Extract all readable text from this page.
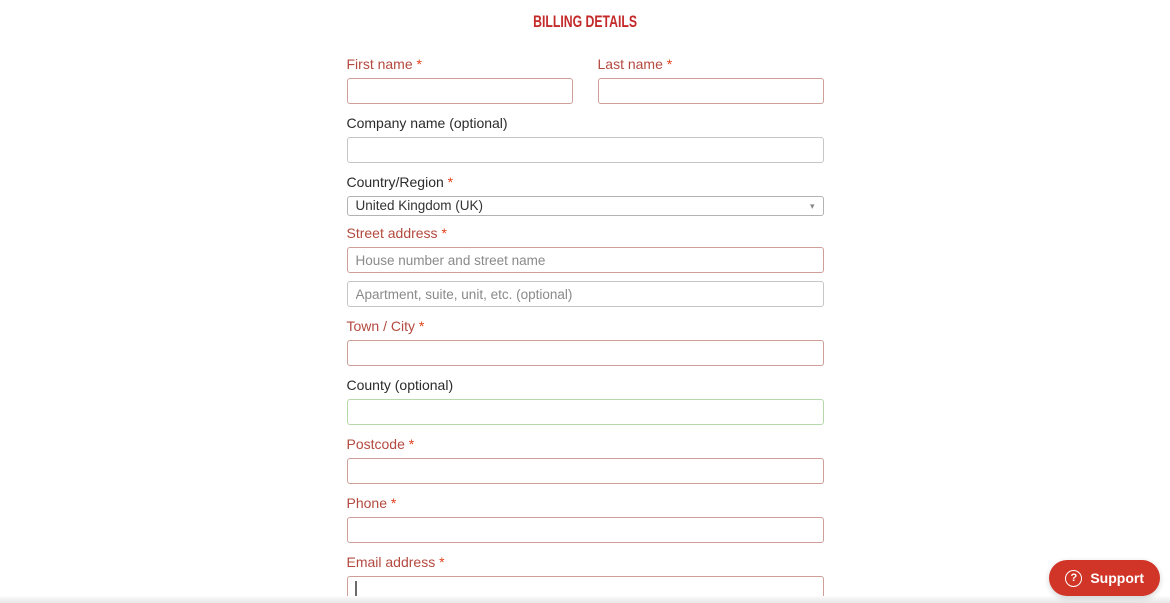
BILLING DETAILS
First name *	Last name *
Company name (optional)
Country/Region *
United Kingdom (UK)	▾
Street address *
House number and street name
Apartment, suite, unit, etc. (optional)
Town / City *
County (optional)
Postcode *
Phone *
Email address *
? Support
